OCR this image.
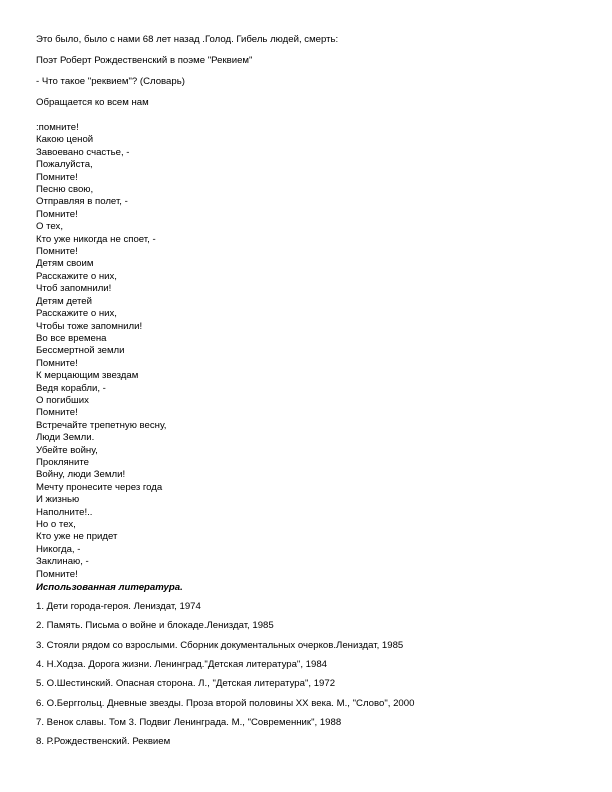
Это было, было с нами 68 лет назад .Голод. Гибель людей, смерть:

Поэт Роберт Рождественский в поэме "Реквием"

- Что такое "реквием"? (Словарь)

Обращается ко всем нам

:помните!
Какою ценой
Завоевано счастье, -
Пожалуйста,
Помните!
Песню свою,
Отправляя в полет, -
Помните!
О тех,
Кто уже никогда не споет, -
Помните!
Детям своим
Расскажите о них,
Чтоб запомнили!
Детям детей
Расскажите о них,
Чтобы тоже запомнили!
Во все времена
Бессмертной земли
Помните!
К мерцающим звездам
Ведя корабли, -
О погибших
Помните!
Встречайте трепетную весну,
Люди Земли.
Убейте войну,
Прокляните
Войну, люди Земли!
Мечту пронесите через года
И жизнью
Наполните!..
Но о тех,
Кто уже не придет
Никогда, -
Заклинаю, -
Помните!
Использованная литература.
1. Дети города-героя. Лениздат, 1974
2. Память. Письма о войне и блокаде.Лениздат, 1985
3. Стояли рядом со взрослыми. Сборник документальных очерков.Лениздат, 1985
4. Н.Ходза. Дорога жизни. Ленинград."Детская литература", 1984
5. О.Шестинский. Опасная сторона. Л., "Детская литература", 1972
6. О.Берггольц. Дневные звезды. Проза второй половины XX века. М., "Слово", 2000
7. Венок славы. Том 3. Подвиг Ленинграда. М., "Современник", 1988
8. Р.Рождественский. Реквием
